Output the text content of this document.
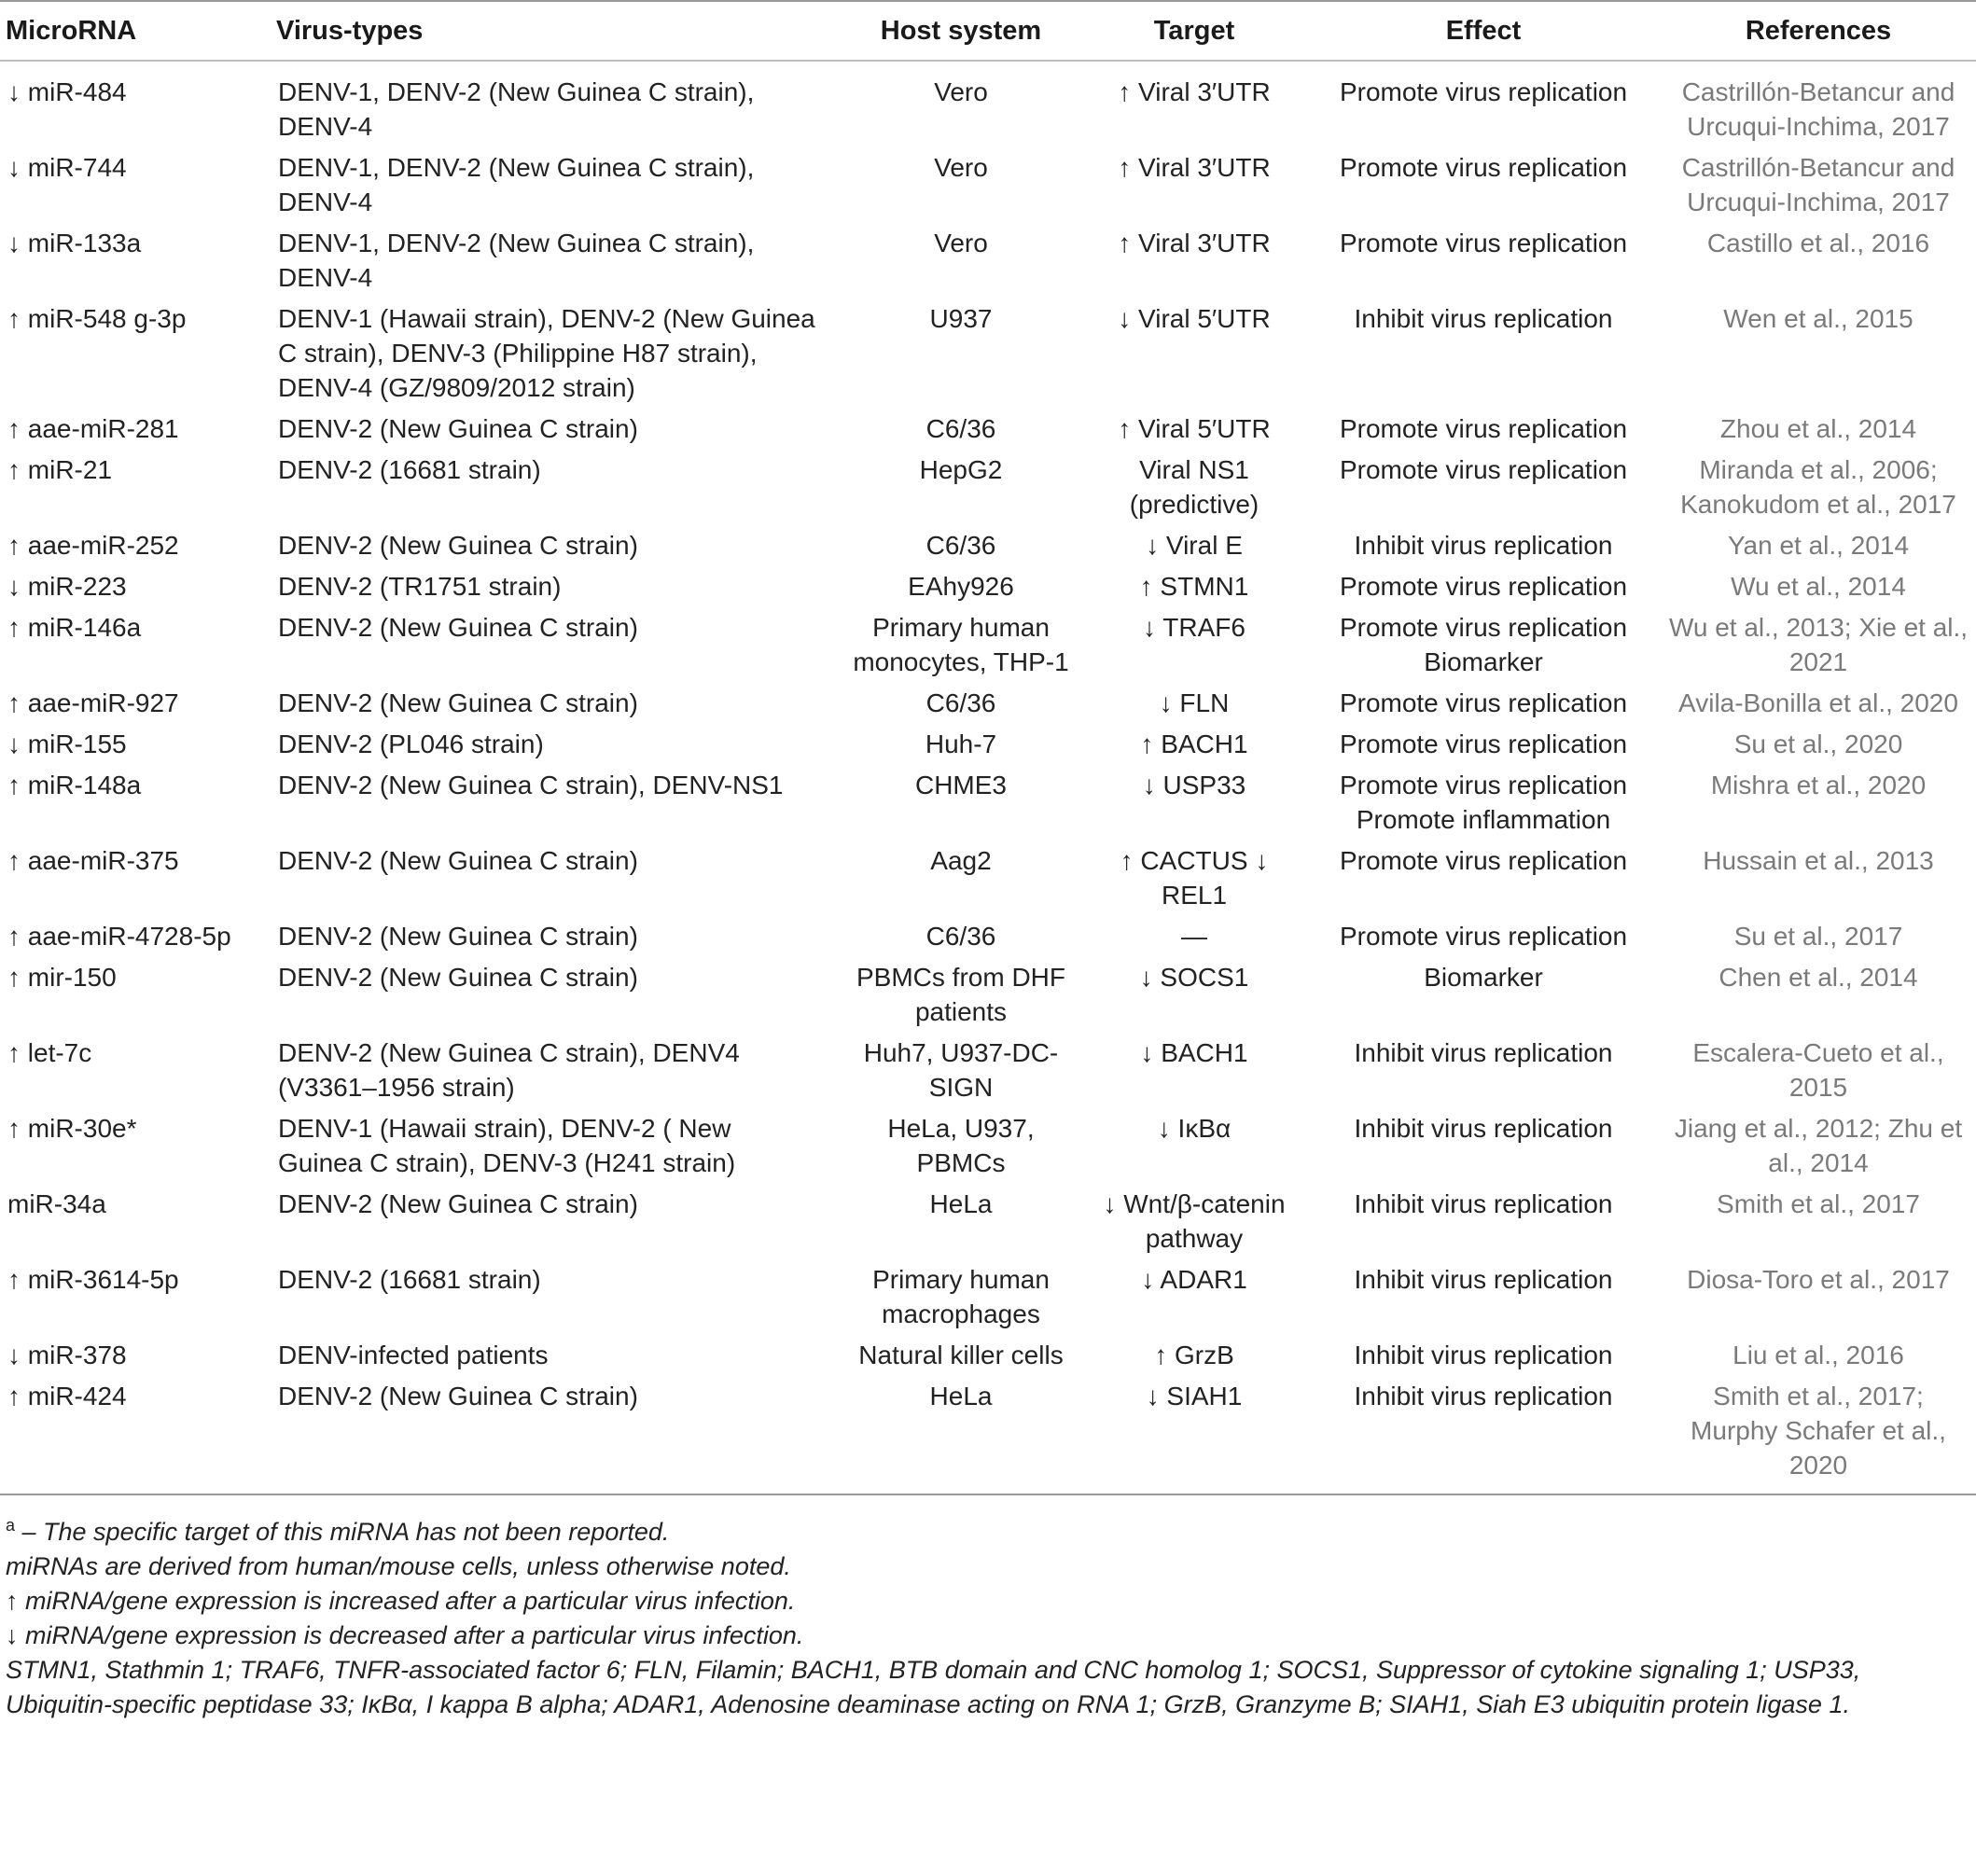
MicroRNA	Virus-types	Host system	Target	Effect	References
↓ miR-484	DENV-1, DENV-2 (New Guinea C strain), DENV-4	Vero	↑ Viral 3′UTR	Promote virus replication	Castrillón-Betancur and Urcuqui-Inchima, 2017
↓ miR-744	DENV-1, DENV-2 (New Guinea C strain), DENV-4	Vero	↑ Viral 3′UTR	Promote virus replication	Castrillón-Betancur and Urcuqui-Inchima, 2017
↓ miR-133a	DENV-1, DENV-2 (New Guinea C strain), DENV-4	Vero	↑ Viral 3′UTR	Promote virus replication	Castillo et al., 2016
↑ miR-548 g-3p	DENV-1 (Hawaii strain), DENV-2 (New Guinea C strain), DENV-3 (Philippine H87 strain), DENV-4 (GZ/9809/2012 strain)	U937	↓ Viral 5′UTR	Inhibit virus replication	Wen et al., 2015
↑ aae-miR-281	DENV-2 (New Guinea C strain)	C6/36	↑ Viral 5′UTR	Promote virus replication	Zhou et al., 2014
↑ miR-21	DENV-2 (16681 strain)	HepG2	Viral NS1 (predictive)	Promote virus replication	Miranda et al., 2006; Kanokudom et al., 2017
↑ aae-miR-252	DENV-2 (New Guinea C strain)	C6/36	↓ Viral E	Inhibit virus replication	Yan et al., 2014
↓ miR-223	DENV-2 (TR1751 strain)	EAhy926	↑ STMN1	Promote virus replication	Wu et al., 2014
↑ miR-146a	DENV-2 (New Guinea C strain)	Primary human monocytes, THP-1	↓ TRAF6	Promote virus replication Biomarker	Wu et al., 2013; Xie et al., 2021
↑ aae-miR-927	DENV-2 (New Guinea C strain)	C6/36	↓ FLN	Promote virus replication	Avila-Bonilla et al., 2020
↓ miR-155	DENV-2 (PL046 strain)	Huh-7	↑ BACH1	Promote virus replication	Su et al., 2020
↑ miR-148a	DENV-2 (New Guinea C strain), DENV-NS1	CHME3	↓ USP33	Promote virus replication Promote inflammation	Mishra et al., 2020
↑ aae-miR-375	DENV-2 (New Guinea C strain)	Aag2	↑ CACTUS ↓ REL1	Promote virus replication	Hussain et al., 2013
↑ aae-miR-4728-5p	DENV-2 (New Guinea C strain)	C6/36	—	Promote virus replication	Su et al., 2017
↑ mir-150	DENV-2 (New Guinea C strain)	PBMCs from DHF patients	↓ SOCS1	Biomarker	Chen et al., 2014
↑ let-7c	DENV-2 (New Guinea C strain), DENV4 (V3361–1956 strain)	Huh7, U937-DC-SIGN	↓ BACH1	Inhibit virus replication	Escalera-Cueto et al., 2015
↑ miR-30e*	DENV-1 (Hawaii strain), DENV-2 ( New Guinea C strain), DENV-3 (H241 strain)	HeLa, U937, PBMCs	↓ IκBα	Inhibit virus replication	Jiang et al., 2012; Zhu et al., 2014
miR-34a	DENV-2 (New Guinea C strain)	HeLa	↓ Wnt/β-catenin pathway	Inhibit virus replication	Smith et al., 2017
↑ miR-3614-5p	DENV-2 (16681 strain)	Primary human macrophages	↓ ADAR1	Inhibit virus replication	Diosa-Toro et al., 2017
↓ miR-378	DENV-infected patients	Natural killer cells	↑ GrzB	Inhibit virus replication	Liu et al., 2016
↑ miR-424	DENV-2 (New Guinea C strain)	HeLa	↓ SIAH1	Inhibit virus replication	Smith et al., 2017; Murphy Schafer et al., 2020
$^a$ – The specific target of this miRNA has not been reported.
miRNAs are derived from human/mouse cells, unless otherwise noted.
↑ miRNA/gene expression is increased after a particular virus infection.
↓ miRNA/gene expression is decreased after a particular virus infection.
STMN1, Stathmin 1; TRAF6, TNFR-associated factor 6; FLN, Filamin; BACH1, BTB domain and CNC homolog 1; SOCS1, Suppressor of cytokine signaling 1; USP33,
Ubiquitin-specific peptidase 33; IκBα, I kappa B alpha; ADAR1, Adenosine deaminase acting on RNA 1; GrzB, Granzyme B; SIAH1, Siah E3 ubiquitin protein ligase 1.
